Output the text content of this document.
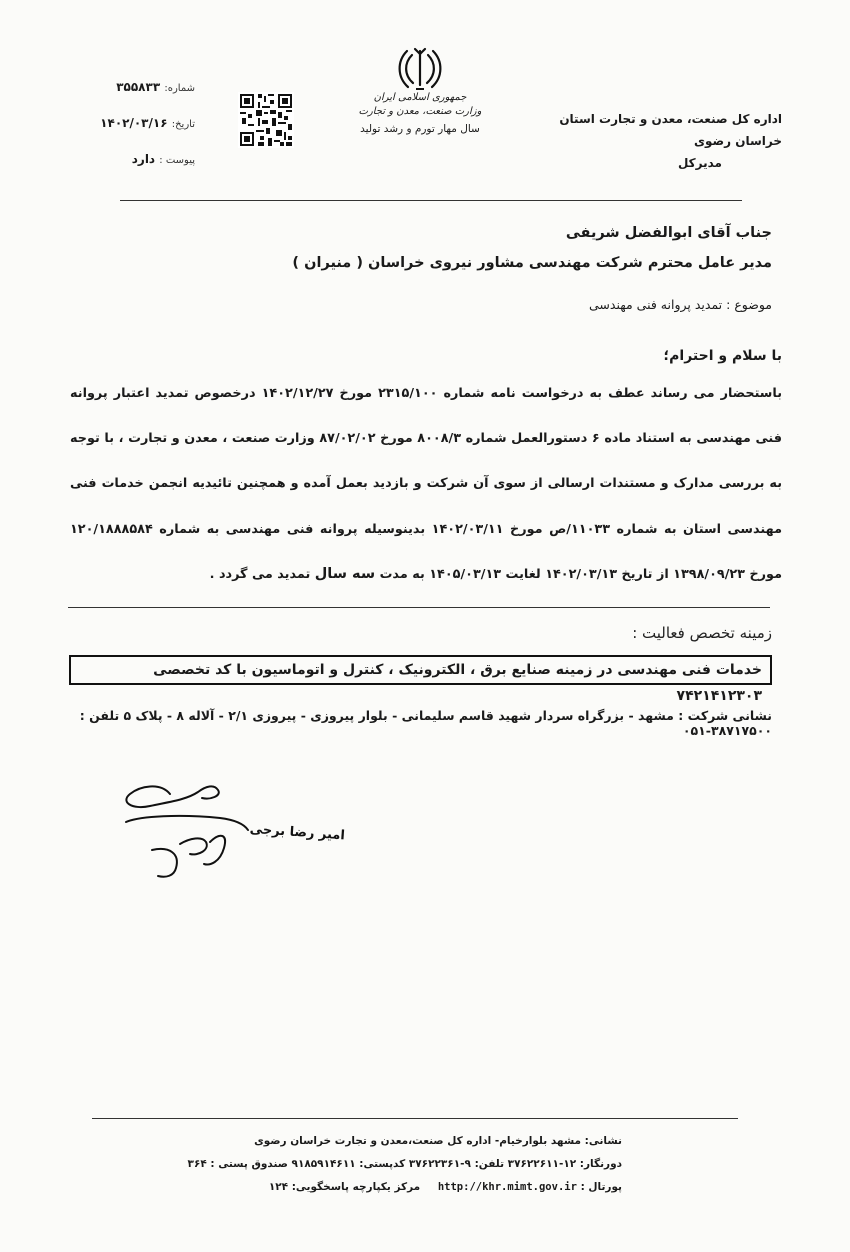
اداره کل صنعت، معدن و تجارت استان خراسان رضوی
مدیرکل
جمهوری اسلامی ایران
وزارت صنعت، معدن و تجارت
سال مهار تورم و رشد تولید
شماره: ۳۵۵۸۳۳
تاریخ: ۱۴۰۲/۰۳/۱۶
پیوست : دارد
جناب آقای ابوالفضل شریفی
مدیر عامل محترم شرکت مهندسی مشاور نیروی خراسان ( منیران )
موضوع : تمدید پروانه فنی مهندسی
با سلام و احترام؛
باستحضار می رساند عطف به درخواست نامه شماره ۲۳۱۵/۱۰۰ مورخ ۱۴۰۲/۱۲/۲۷ درخصوص تمدید اعتبار پروانه فنی مهندسی به استناد ماده ۶ دستورالعمل شماره ۸۰۰۸/۳ مورخ ۸۷/۰۲/۰۲ وزارت صنعت ، معدن و تجارت ، با توجه به بررسی مدارک و مستندات ارسالی از سوی آن شرکت و بازدید بعمل آمده و همچنین تائیدیه انجمن خدمات فنی مهندسی استان به شماره ۱۱۰۳۳/ص مورخ ۱۴۰۲/۰۳/۱۱ بدینوسیله پروانه فنی مهندسی به شماره ۱۲۰/۱۸۸۸۵۸۴ مورخ ۱۳۹۸/۰۹/۲۳ از تاریخ ۱۴۰۲/۰۳/۱۳ لغایت ۱۴۰۵/۰۳/۱۳ به مدت سه سال تمدید می گردد .
زمینه تخصص فعالیت :
خدمات فنی مهندسی در زمینه صنایع برق ، الکترونیک ، کنترل و اتوماسیون با کد تخصصی ۷۴۲۱۴۱۲۳۰۳
نشانی شرکت : مشهد - بزرگراه سردار شهید قاسم سلیمانی - بلوار پیروزی - پیروزی ۲/۱ - آلاله ۸ - پلاک ۵ تلفن : ۳۸۷۱۷۵۰۰-۰۵۱
امیر رضا برجی
نشانی: مشهد بلوارخیام- اداره کل صنعت،معدن و تجارت خراسان رضوی
دورنگار: ۱۲-۳۷۶۲۲۶۱۱ تلفن: ۹-۳۷۶۲۲۳۶۱ کدپستی: ۹۱۸۵۹۱۴۶۱۱ صندوق پستی : ۳۶۴
پورتال : http://khr.mimt.gov.ir مرکز یکپارچه پاسخگویی: ۱۲۴
